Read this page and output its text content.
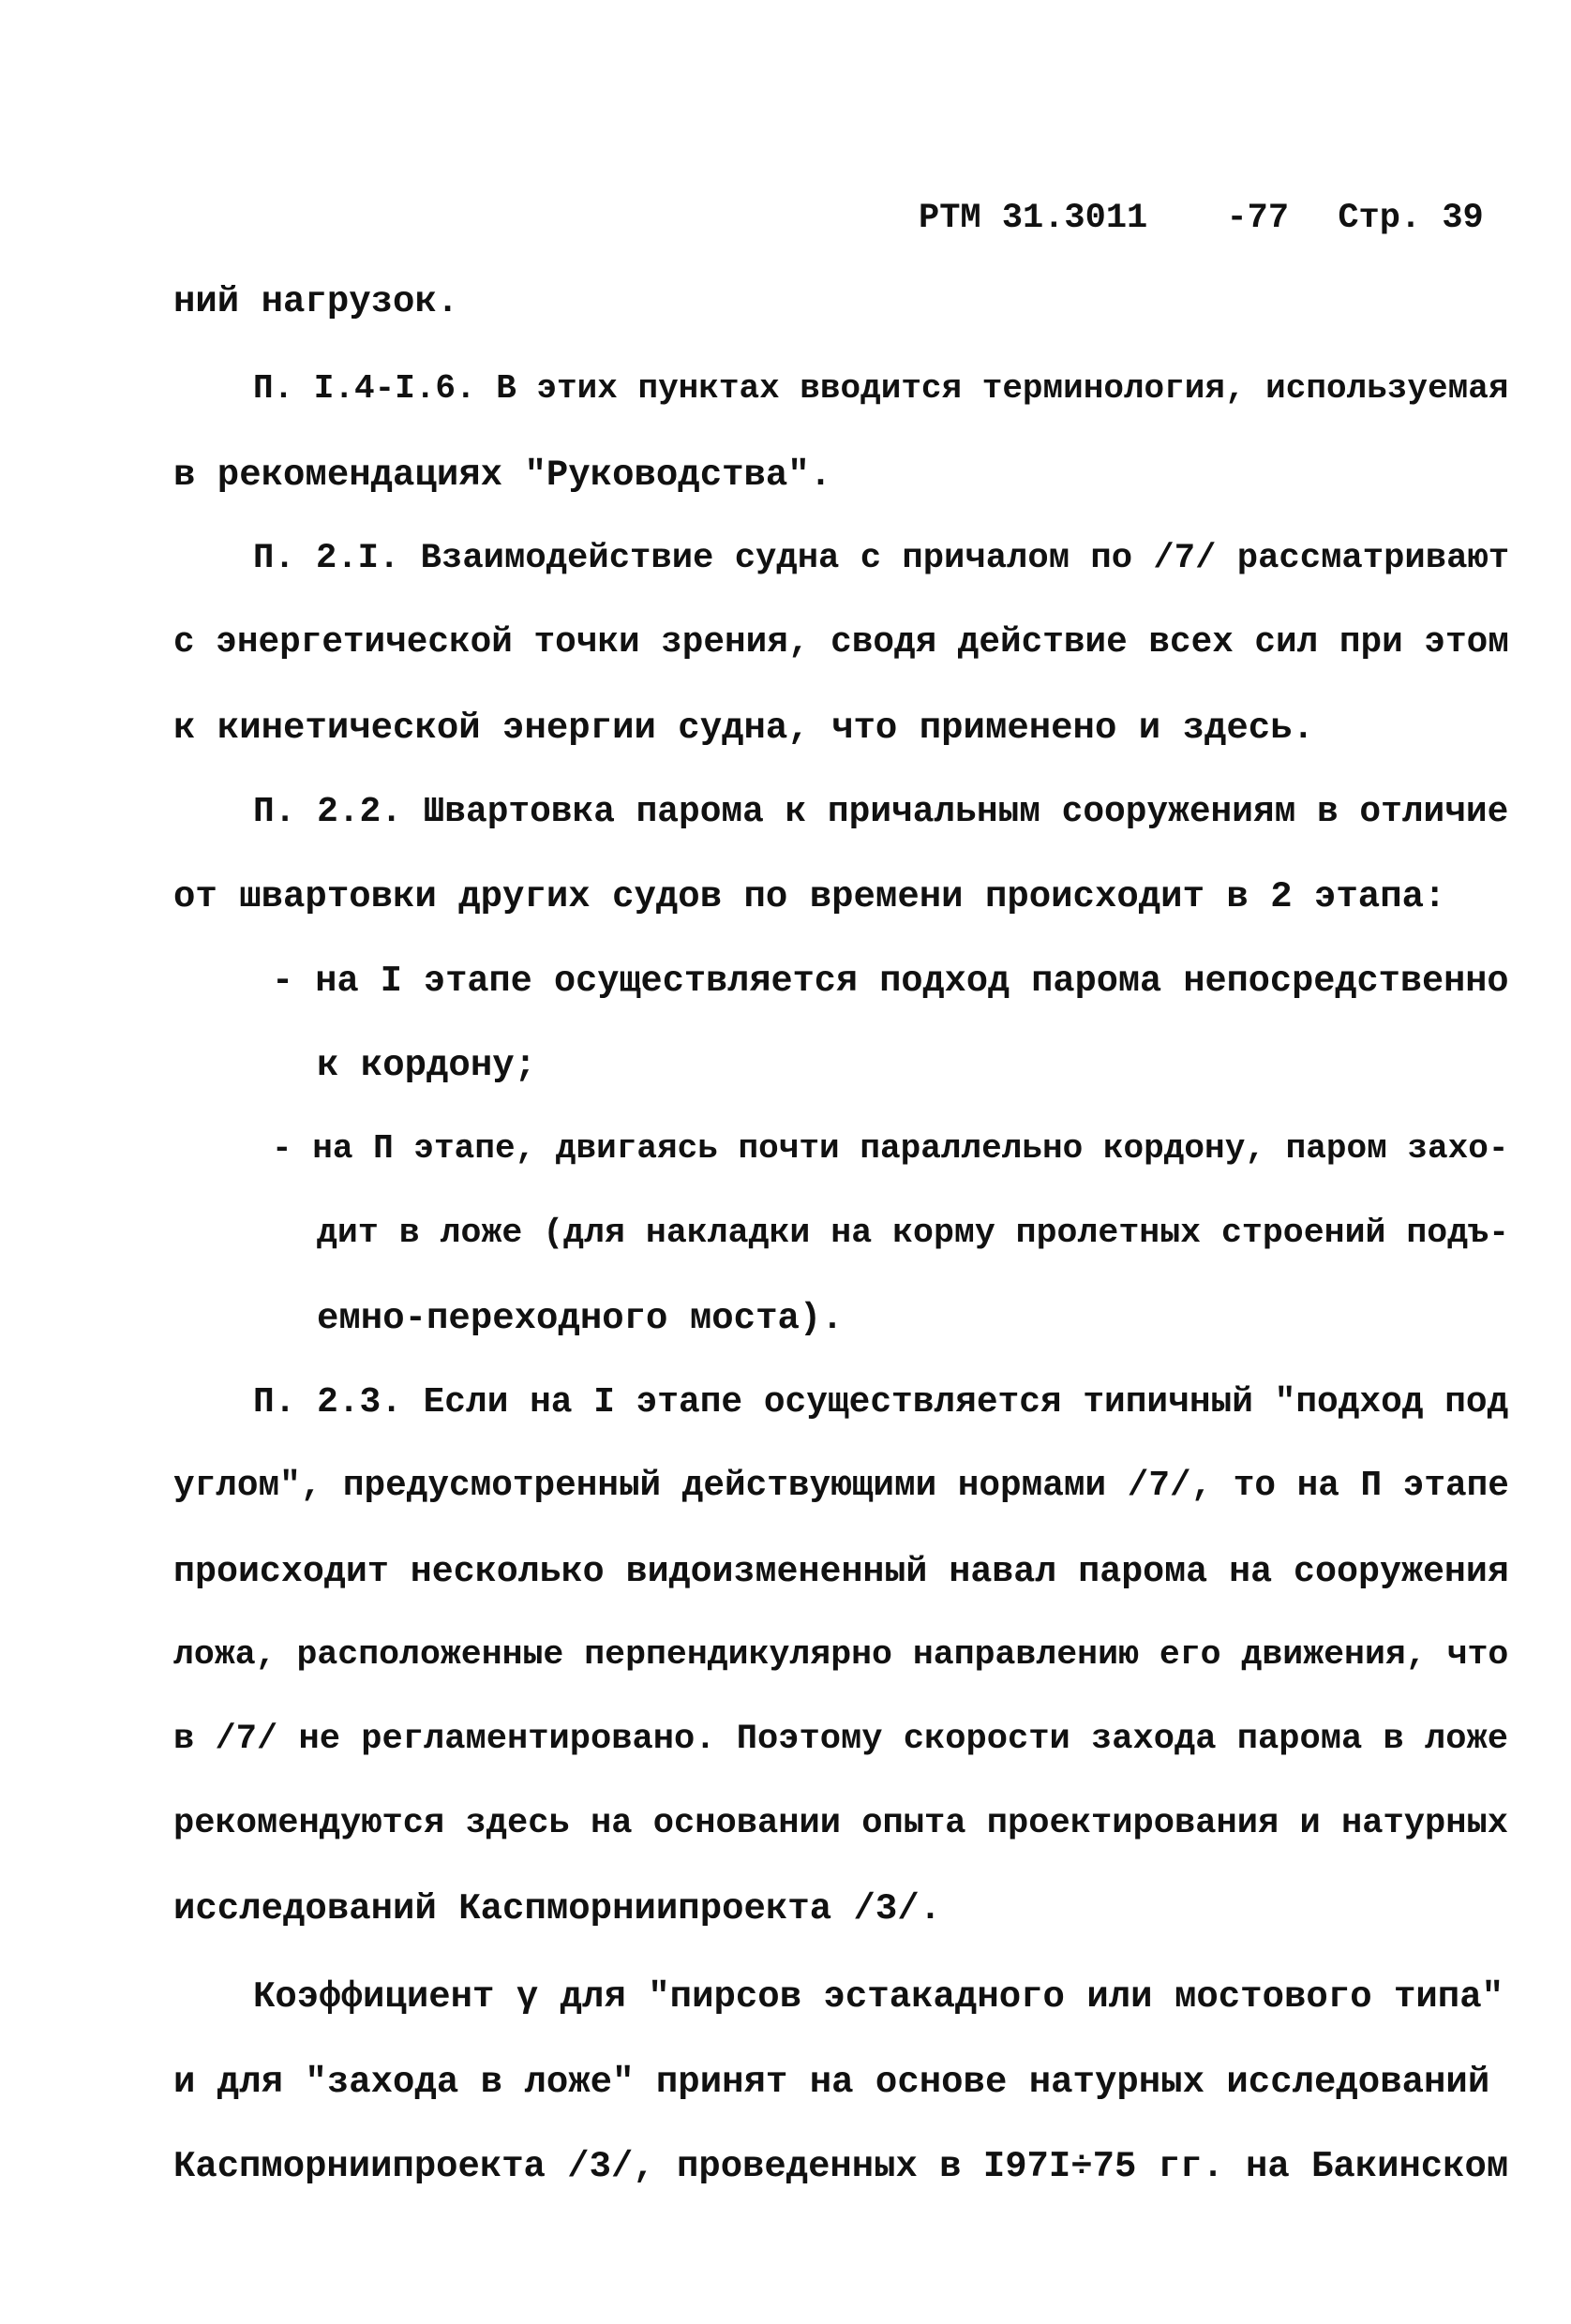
РТМ 31.3011 -77 Стр. 39
ний нагрузок.
П. I.4-I.6. В этих пунктах вводится терминология, используемая
в рекомендациях "Руководства".
П. 2.I. Взаимодействие судна с причалом по /7/ рассматривают
с энергетической точки зрения, сводя действие всех сил при этом
к кинетической энергии судна, что применено и здесь.
П. 2.2. Швартовка парома к причальным сооружениям в отличие
от швартовки других судов по времени происходит в 2 этапа:
- на I этапе осуществляется подход парома непосредственно
к кордону;
- на П этапе, двигаясь почти параллельно кордону, паром захо-
дит в ложе (для накладки на корму пролетных строений подъ-
емно-переходного моста).
П. 2.3. Если на I этапе осуществляется типичный "подход под
углом", предусмотренный действующими нормами /7/, то на П этапе
происходит несколько видоизмененный навал парома на сооружения
ложа, расположенные перпендикулярно направлению его движения, что
в /7/ не регламентировано. Поэтому скорости захода парома в ложе
рекомендуются здесь на основании опыта проектирования и натурных
исследований Каспморниипроекта /3/.
Коэффициент γ для "пирсов эстакадного или мостового типа"
и для "захода в ложе" принят на основе натурных исследований
Каспморниипроекта /3/, проведенных в I97I÷75 гг. на Бакинском
